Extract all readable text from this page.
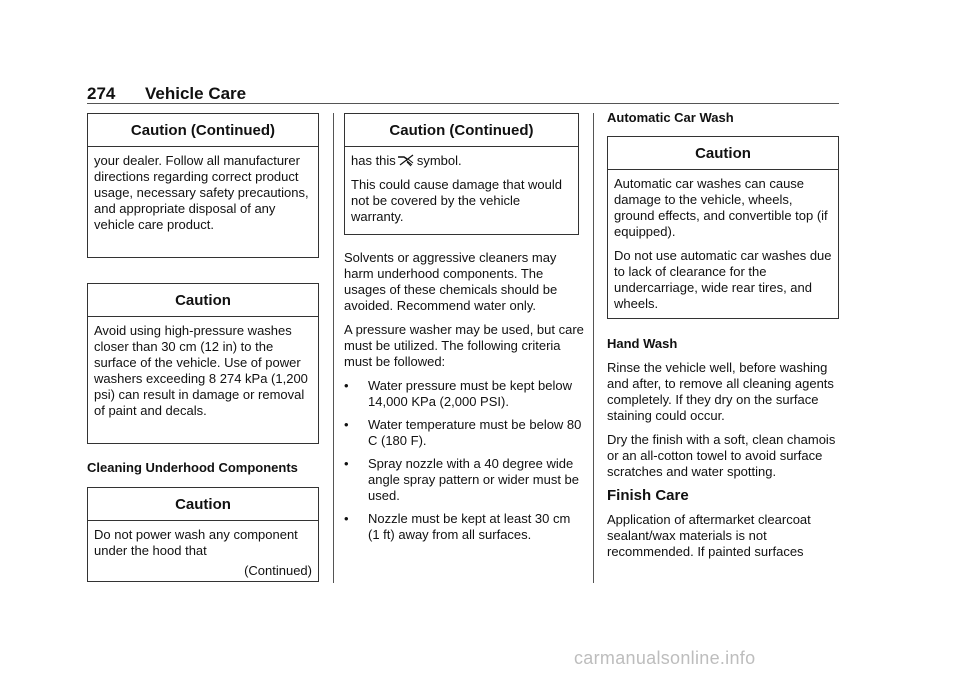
274 Vehicle Care
Caution (Continued)

your dealer. Follow all manufacturer directions regarding correct product usage, necessary safety precautions, and appropriate disposal of any vehicle care product.

Caution

Avoid using high-pressure washes closer than 30 cm (12 in) to the surface of the vehicle. Use of power washers exceeding 8 274 kPa (1,200 psi) can result in damage or removal of paint and decals.

Cleaning Underhood Components
Caution

Do not power wash any component under the hood that

(Continued)
Caution (Continued)

has this symbol.

This could cause damage that would not be covered by the vehicle warranty.

Solvents or aggressive cleaners may harm underhood components. The usages of these chemicals should be avoided. Recommend water only.

A pressure washer may be used, but care must be utilized. The following criteria must be followed:

• Water pressure must be kept below 14,000 KPa (2,000 PSI).
• Water temperature must be below 80 C (180 F).
• Spray nozzle with a 40 degree wide angle spray pattern or wider must be used.
• Nozzle must be kept at least 30 cm (1 ft) away from all surfaces.
Automatic Car Wash
Caution

Automatic car washes can cause damage to the vehicle, wheels, ground effects, and convertible top (if equipped).

Do not use automatic car washes due to lack of clearance for the undercarriage, wide rear tires, and wheels.

Hand Wash

Rinse the vehicle well, before washing and after, to remove all cleaning agents completely. If they dry on the surface staining could occur.

Dry the finish with a soft, clean chamois or an all-cotton towel to avoid surface scratches and water spotting.

Finish Care

Application of aftermarket clearcoat sealant/wax materials is not recommended. If painted surfaces

carmanualsonline.info
